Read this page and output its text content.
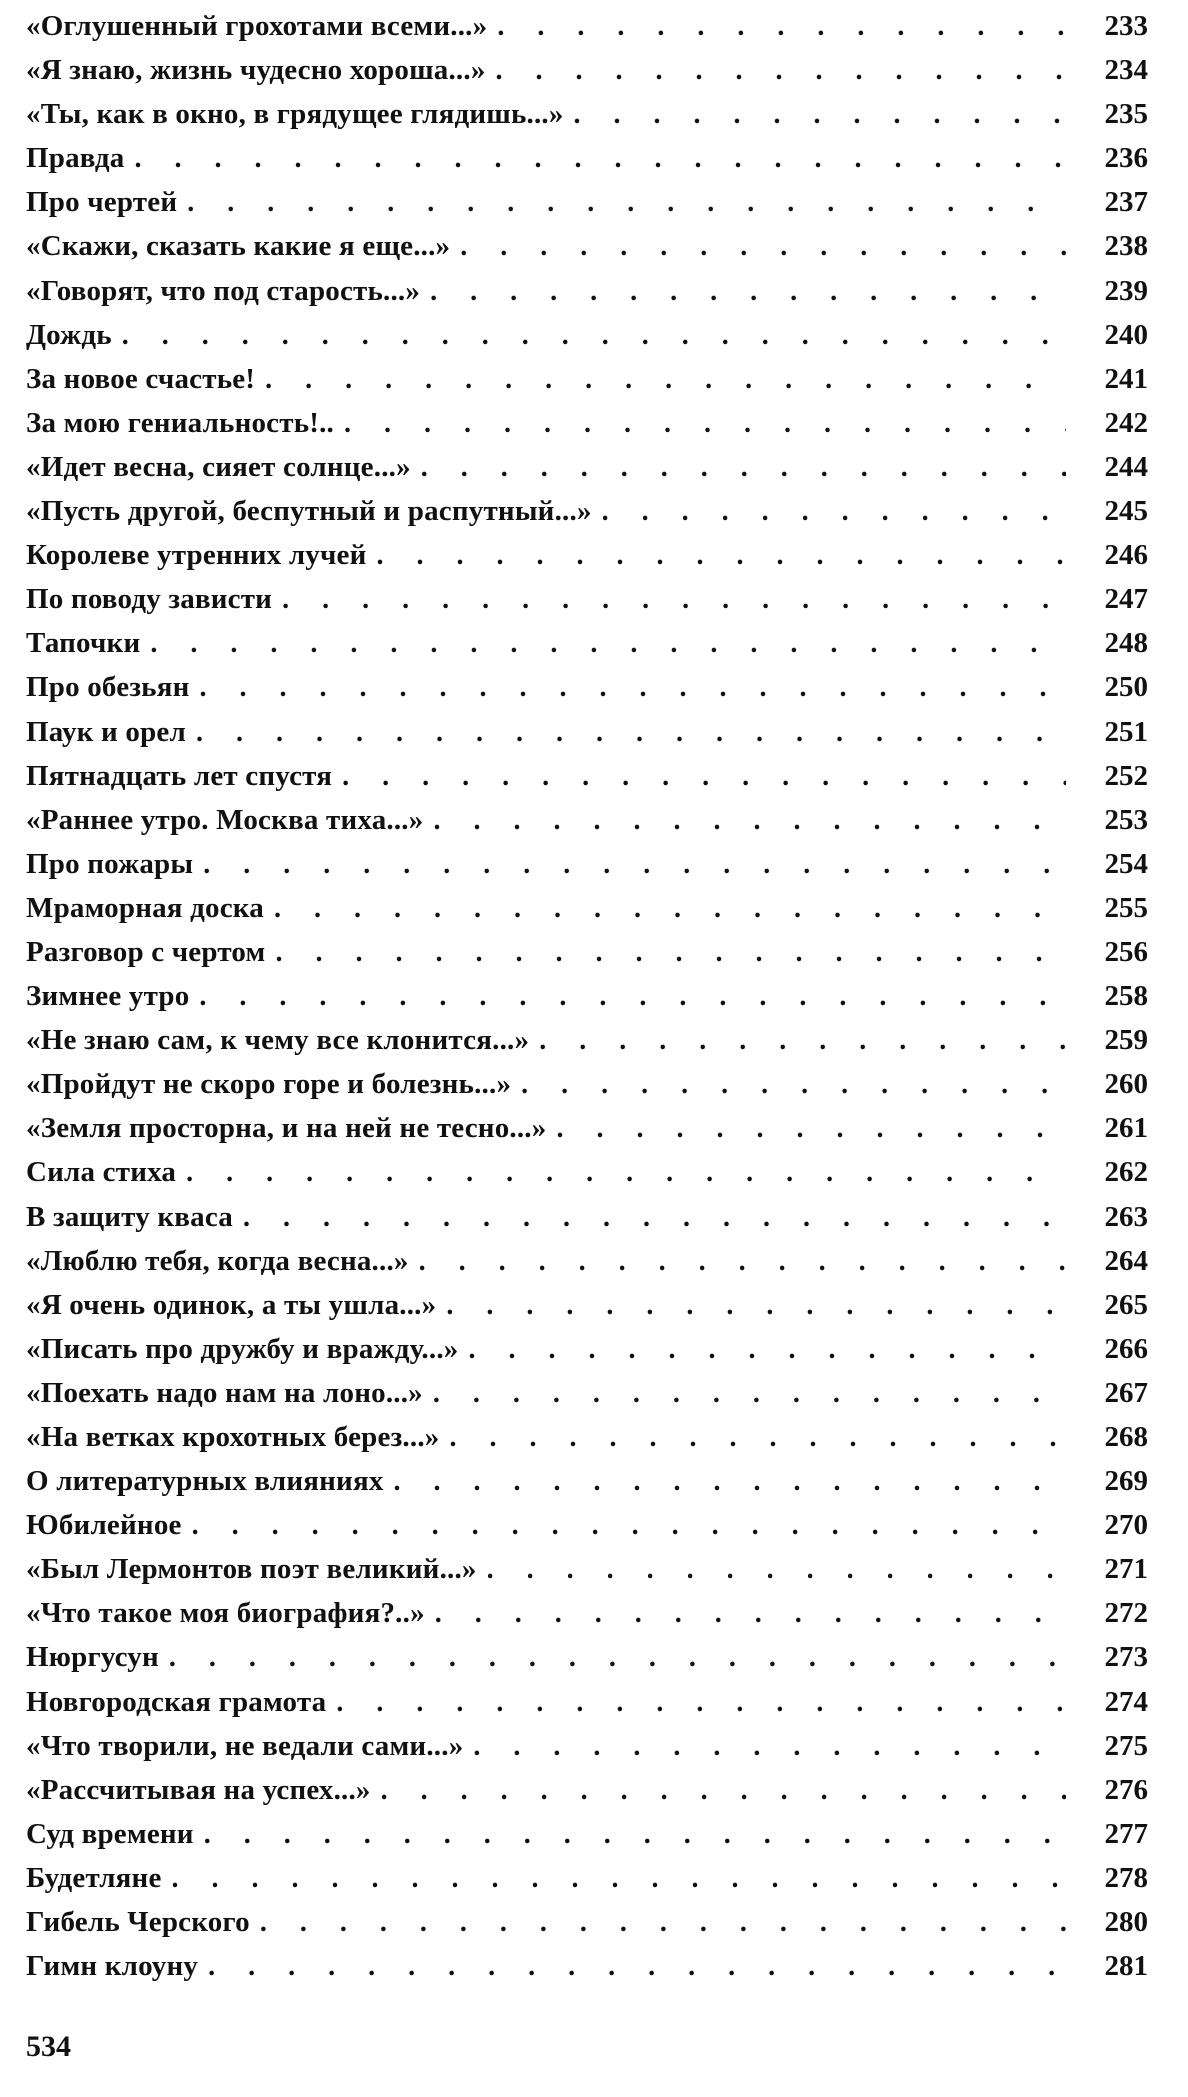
«Оглушенный грохотами всеми...» . . .	233
«Я знаю, жизнь чудесно хороша...» . . .	234
«Ты, как в окно, в грядущее глядишь...» . . .	235
Правда . . .	236
Про чертей . . .	237
«Скажи, сказать какие я еще...» . . .	238
«Говорят, что под старость...» . . .	239
Дождь . . .	240
За новое счастье! . . .	241
За мою гениальность!.. . . .	242
«Идет весна, сияет солнце...» . . .	244
«Пусть другой, беспутный и распутный...» . . .	245
Королеве утренних лучей . . .	246
По поводу зависти . . .	247
Тапочки . . .	248
Про обезьян . . .	250
Паук и орел . . .	251
Пятнадцать лет спустя . . .	252
«Раннее утро. Москва тиха...» . . .	253
Про пожары . . .	254
Мраморная доска . . .	255
Разговор с чертом . . .	256
Зимнее утро . . .	258
«Не знаю сам, к чему все клонится...» . . .	259
«Пройдут не скоро горе и болезнь...» . . .	260
«Земля просторна, и на ней не тесно...» . . .	261
Сила стиха . . .	262
В защиту кваса . . .	263
«Люблю тебя, когда весна...» . . .	264
«Я очень одинок, а ты ушла...» . . .	265
«Писать про дружбу и вражду...» . . .	266
«Поехать надо нам на лоно...» . . .	267
«На ветках крохотных берез...» . . .	268
О литературных влияниях . . .	269
Юбилейное . . .	270
«Был Лермонтов поэт великий...» . . .	271
«Что такое моя биография?..» . . .	272
Нюргусун . . .	273
Новгородская грамота . . .	274
«Что творили, не ведали сами...» . . .	275
«Рассчитывая на успех...» . . .	276
Суд времени . . .	277
Будетляне . . .	278
Гибель Черского . . .	280
Гимн клоуну . . .	281
534
